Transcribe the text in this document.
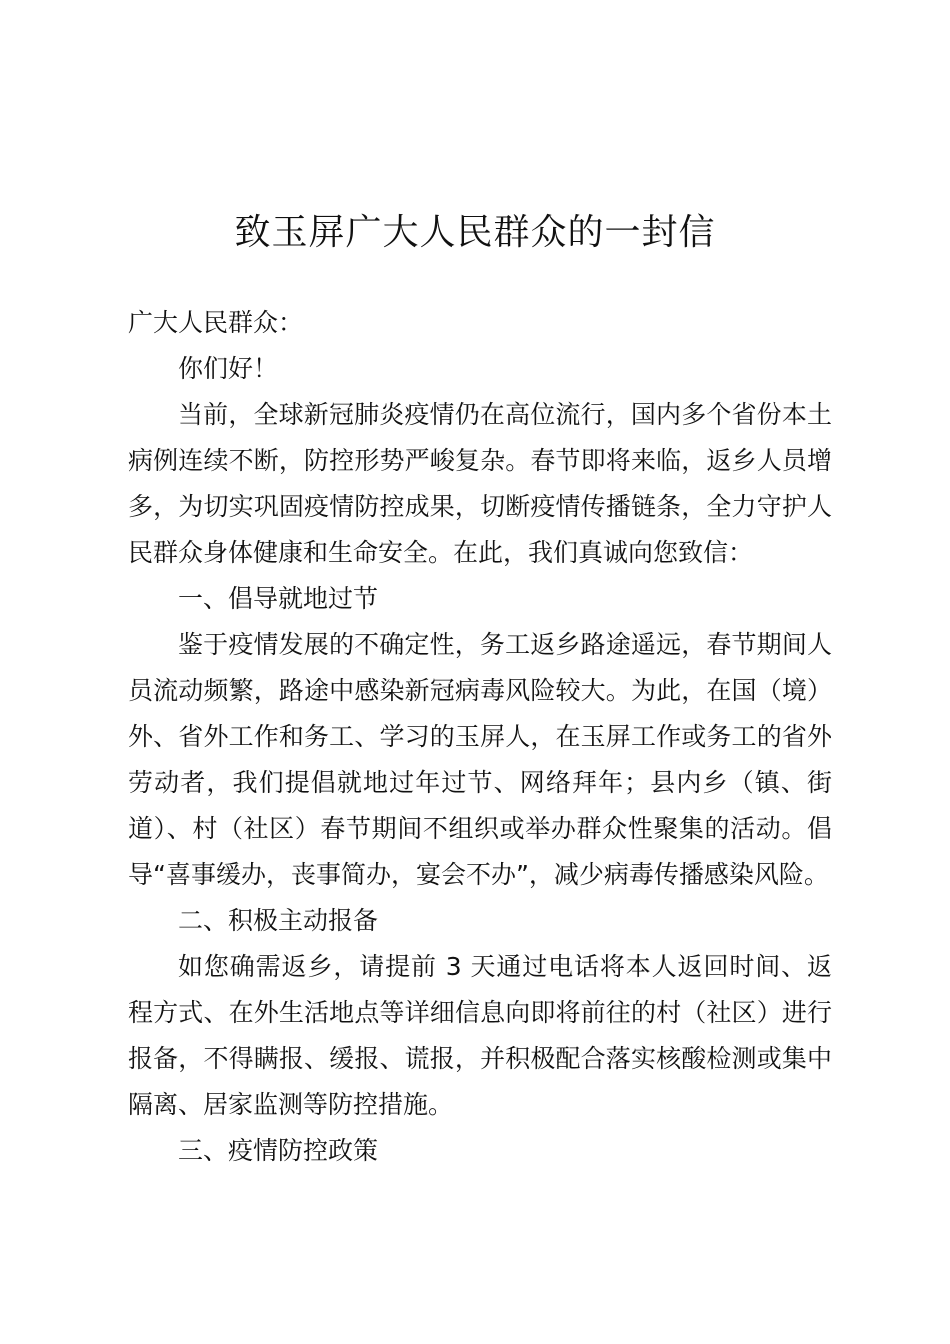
致玉屏广大人民群众的一封信

广大人民群众：

你们好！

当前，全球新冠肺炎疫情仍在高位流行，国内多个省份本土病例连续不断，防控形势严峻复杂。春节即将来临，返乡人员增多，为切实巩固疫情防控成果，切断疫情传播链条，全力守护人民群众身体健康和生命安全。在此，我们真诚向您致信：

一、倡导就地过节

鉴于疫情发展的不确定性，务工返乡路途遥远，春节期间人员流动频繁，路途中感染新冠病毒风险较大。为此，在国（境）外、省外工作和务工、学习的玉屏人，在玉屏工作或务工的省外劳动者，我们提倡就地过年过节、网络拜年；县内乡（镇、街道）、村（社区）春节期间不组织或举办群众性聚集的活动。倡导“喜事缓办，丧事简办，宴会不办”，减少病毒传播感染风险。

二、积极主动报备

如您确需返乡，请提前 3 天通过电话将本人返回时间、返程方式、在外生活地点等详细信息向即将前往的村（社区）进行报备，不得瞒报、缓报、谎报，并积极配合落实核酸检测或集中隔离、居家监测等防控措施。

三、疫情防控政策
